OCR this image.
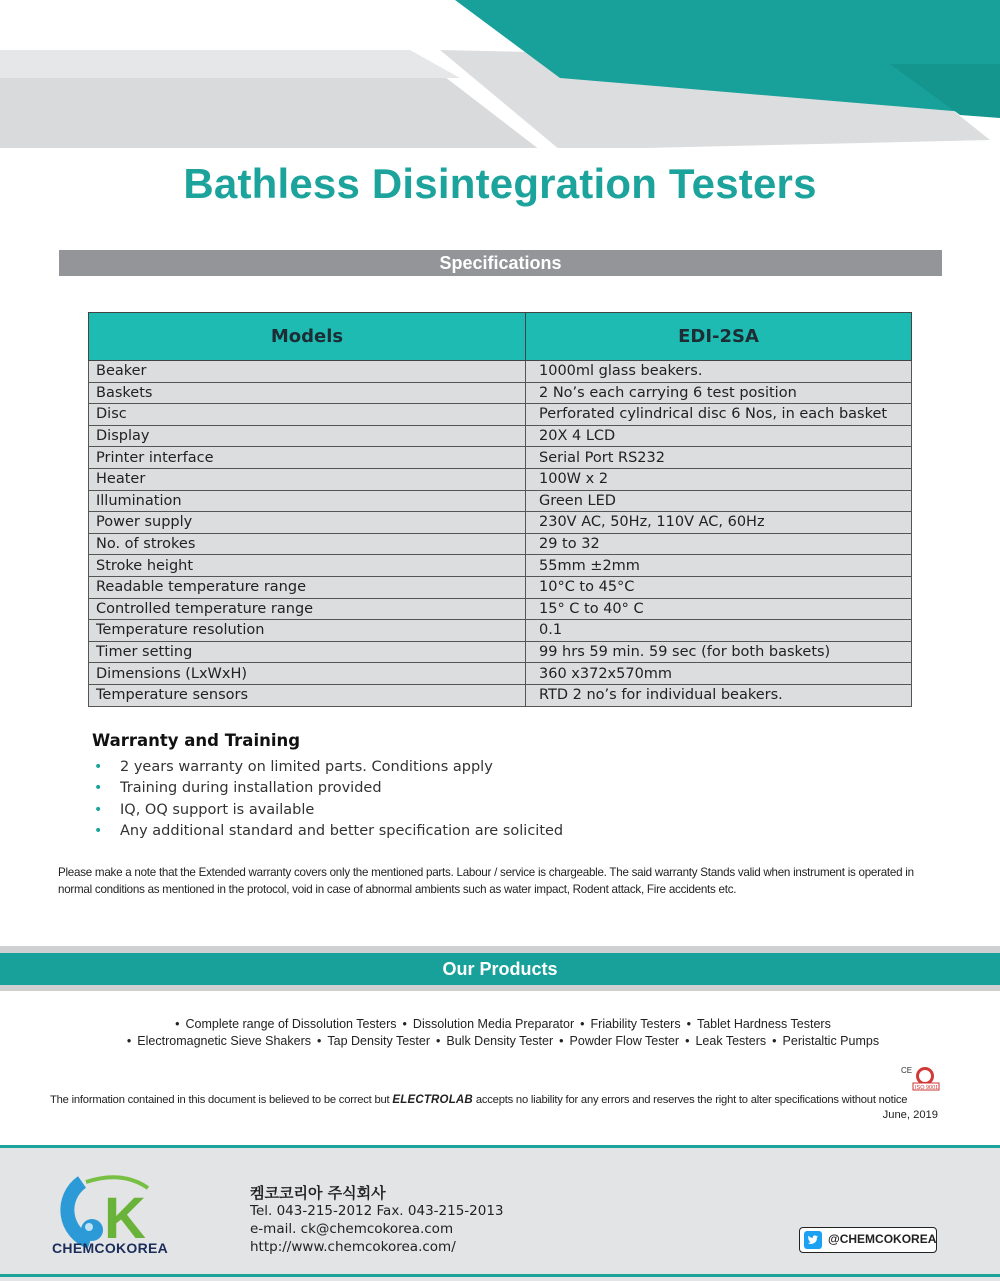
Bathless Disintegration Testers
Specifications
Models	EDI-2SA
Beaker	1000ml glass beakers.
Baskets	2 No’s each carrying 6 test position
Disc	Perforated cylindrical disc 6 Nos, in each basket
Display	20X 4 LCD
Printer interface	Serial Port RS232
Heater	100W x 2
Illumination	Green LED
Power supply	230V AC, 50Hz, 110V AC, 60Hz
No. of strokes	29 to 32
Stroke height	55mm ±2mm
Readable temperature range	10°C to 45°C
Controlled temperature range	15° C to 40° C
Temperature resolution	0.1
Timer setting	99 hrs 59 min. 59 sec (for both baskets)
Dimensions (LxWxH)	360 x372x570mm
Temperature sensors	RTD 2 no’s for individual beakers.
Warranty and Training
• 2 years warranty on limited parts. Conditions apply
• Training during installation provided
• IQ, OQ support is available
• Any additional standard and better specification are solicited
Please make a note that the Extended warranty covers only the mentioned parts. Labour / service is chargeable. The said warranty Stands valid when instrument is operated in normal conditions as mentioned in the protocol, void in case of abnormal ambients such as water impact, Rodent attack, Fire accidents etc.
Our Products
• Complete range of Dissolution Testers • Dissolution Media Preparator • Friability Testers • Tablet Hardness Testers
• Electromagnetic Sieve Shakers • Tap Density Tester • Bulk Density Tester • Powder Flow Tester • Leak Testers • Peristaltic Pumps
CE
ISO 9001
The information contained in this document is believed to be correct but ELECTROLAB accepts no liability for any errors and reserves the right to alter specifications without notice
June, 2019
K
CHEMCOKOREA
켐코코리아 주식회사
Tel. 043-215-2012 Fax. 043-215-2013
e-mail. ck@chemcokorea.com
http://www.chemcokorea.com/	@CHEMCOKOREA
